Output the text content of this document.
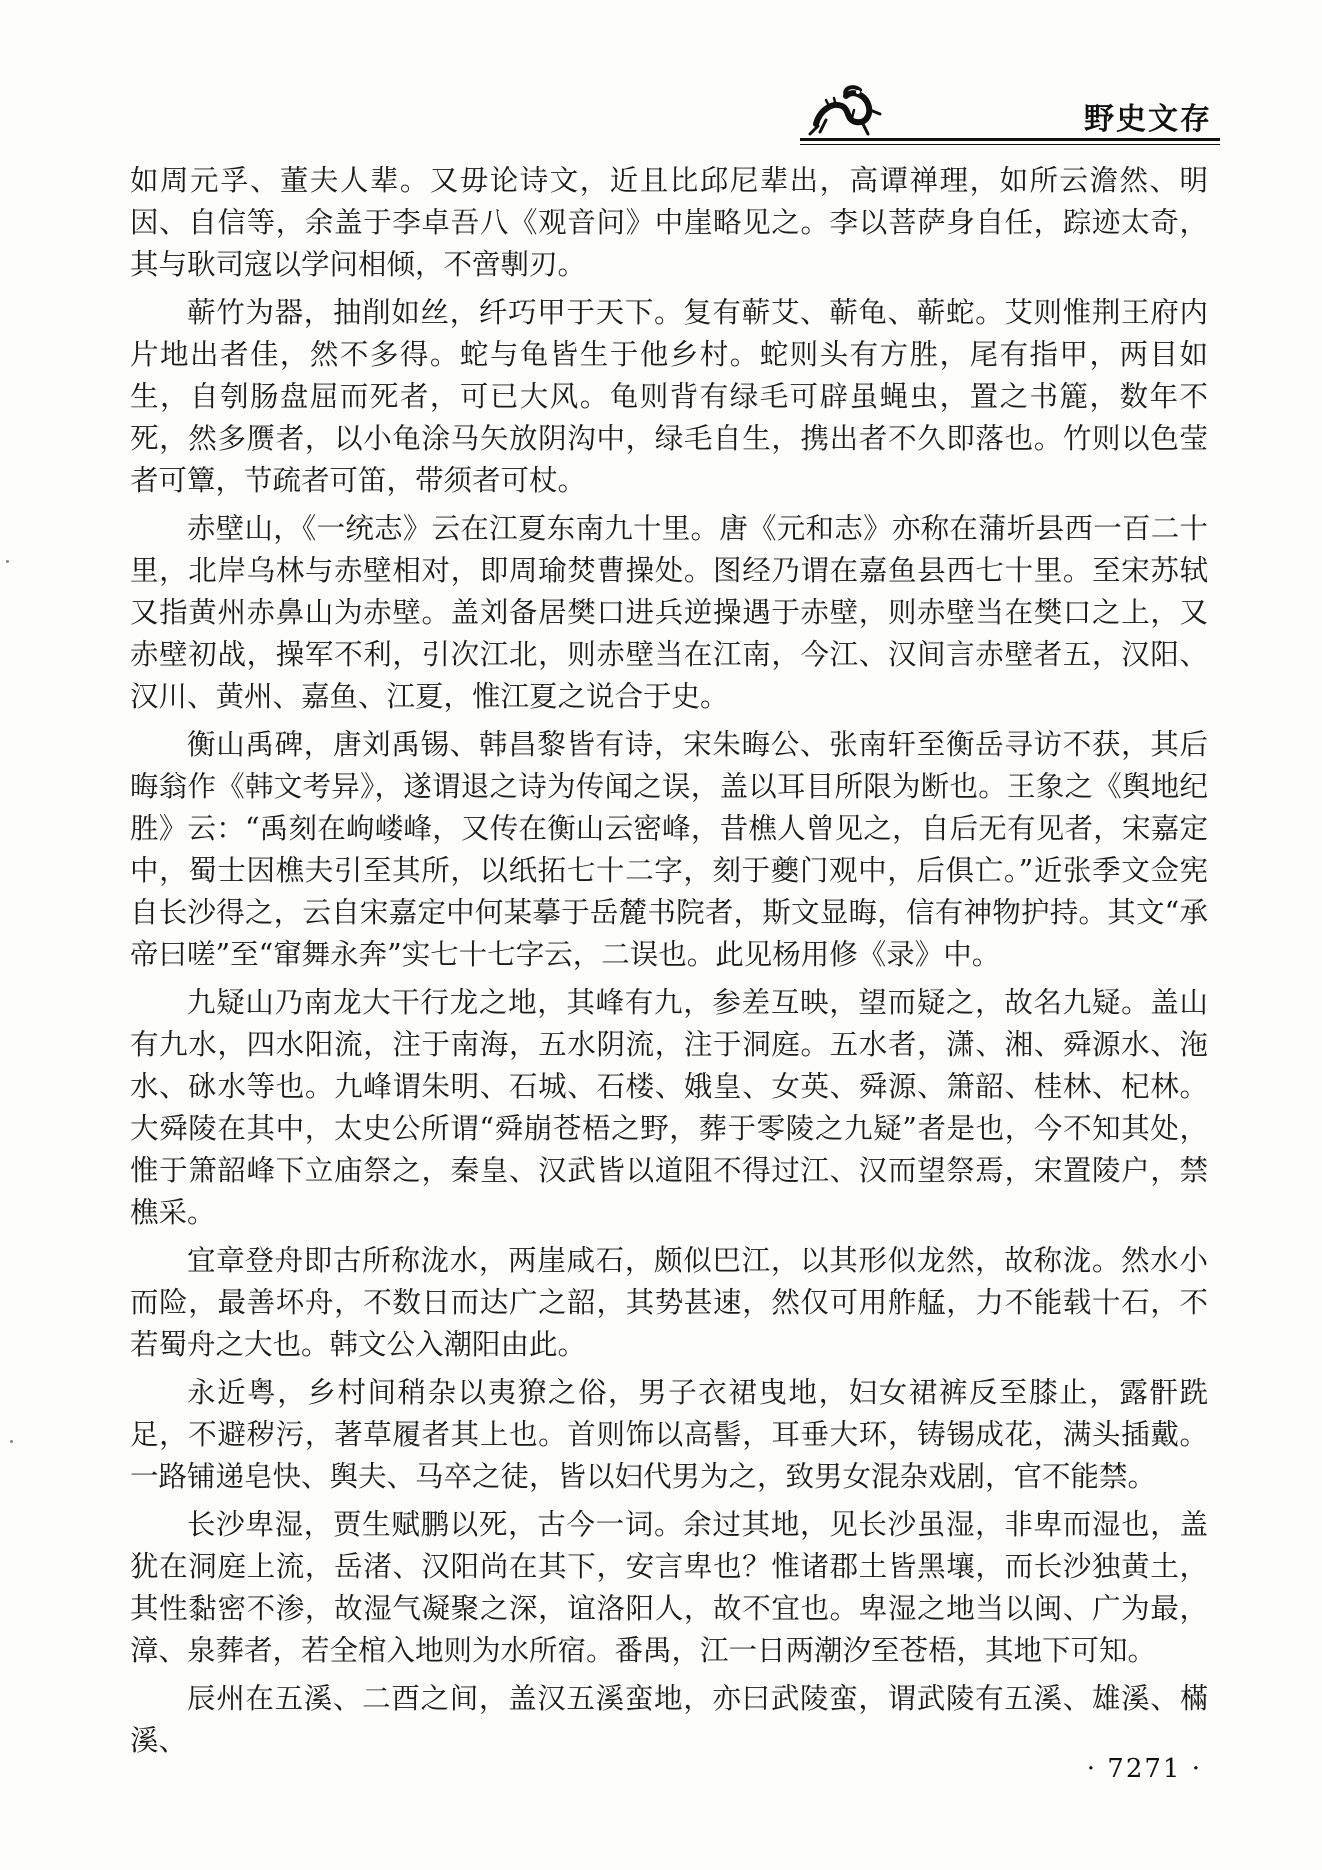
野史文存

如周元孚、董夫人辈。又毋论诗文，近且比邱尼辈出，高谭禅理，如所云澹然、明因、自信等，余盖于李卓吾八《观音问》中崖略见之。李以菩萨身自任，踪迹太奇，其与耿司寇以学问相倾，不啻剸刃。

蕲竹为器，抽削如丝，纤巧甲于天下。复有蕲艾、蕲龟、蕲蛇。艾则惟荆王府内片地出者佳，然不多得。蛇与龟皆生于他乡村。蛇则头有方胜，尾有指甲，两目如生，自刳肠盘屈而死者，可已大风。龟则背有绿毛可辟虽蝇虫，置之书簏，数年不死，然多赝者，以小龟涂马矢放阴沟中，绿毛自生，携出者不久即落也。竹则以色莹者可簟，节疏者可笛，带须者可杖。

赤壁山，《一统志》云在江夏东南九十里。唐《元和志》亦称在蒲圻县西一百二十里，北岸乌林与赤壁相对，即周瑜焚曹操处。图经乃谓在嘉鱼县西七十里。至宋苏轼又指黄州赤鼻山为赤壁。盖刘备居樊口进兵逆操遇于赤壁，则赤壁当在樊口之上，又赤壁初战，操军不利，引次江北，则赤壁当在江南，今江、汉间言赤壁者五，汉阳、汉川、黄州、嘉鱼、江夏，惟江夏之说合于史。

衡山禹碑，唐刘禹锡、韩昌黎皆有诗，宋朱晦公、张南轩至衡岳寻访不获，其后晦翁作《韩文考异》，遂谓退之诗为传闻之误，盖以耳目所限为断也。王象之《舆地纪胜》云：“禹刻在岣嵝峰，又传在衡山云密峰，昔樵人曾见之，自后无有见者，宋嘉定中，蜀士因樵夫引至其所，以纸拓七十二字，刻于夔门观中，后俱亡。”近张季文佥宪自长沙得之，云自宋嘉定中何某摹于岳麓书院者，斯文显晦，信有神物护持。其文“承帝曰嗟”至“窜舞永奔”实七十七字云，二误也。此见杨用修《录》中。

九疑山乃南龙大干行龙之地，其峰有九，参差互映，望而疑之，故名九疑。盖山有九水，四水阳流，注于南海，五水阴流，注于洞庭。五水者，潇、湘、舜源水、沲水、砯水等也。九峰谓朱明、石城、石楼、娥皇、女英、舜源、箫韶、桂林、杞林。大舜陵在其中，太史公所谓“舜崩苍梧之野，葬于零陵之九疑”者是也，今不知其处，惟于箫韶峰下立庙祭之，秦皇、汉武皆以道阻不得过江、汉而望祭焉，宋置陵户，禁樵采。

宜章登舟即古所称泷水，两崖咸石，颇似巴江，以其形似龙然，故称泷。然水小而险，最善坏舟，不数日而达广之韶，其势甚速，然仅可用舴艋，力不能载十石，不若蜀舟之大也。韩文公入潮阳由此。

永近粤，乡村间稍杂以夷獠之俗，男子衣裙曳地，妇女裙裤反至膝止，露骭跣足，不避秽污，著草履者其上也。首则饰以高髻，耳垂大环，铸锡成花，满头插戴。一路铺递皂快、舆夫、马卒之徒，皆以妇代男为之，致男女混杂戏剧，官不能禁。

长沙卑湿，贾生赋鹏以死，古今一词。余过其地，见长沙虽湿，非卑而湿也，盖犹在洞庭上流，岳渚、汉阳尚在其下，安言卑也？惟诸郡土皆黑壤，而长沙独黄土，其性黏密不渗，故湿气凝聚之深，谊洛阳人，故不宜也。卑湿之地当以闽、广为最，漳、泉葬者，若全棺入地则为水所宿。番禺，江一日两潮汐至苍梧，其地下可知。

辰州在五溪、二酉之间，盖汉五溪蛮地，亦曰武陵蛮，谓武陵有五溪、雄溪、樠溪、

· 7271 ·
